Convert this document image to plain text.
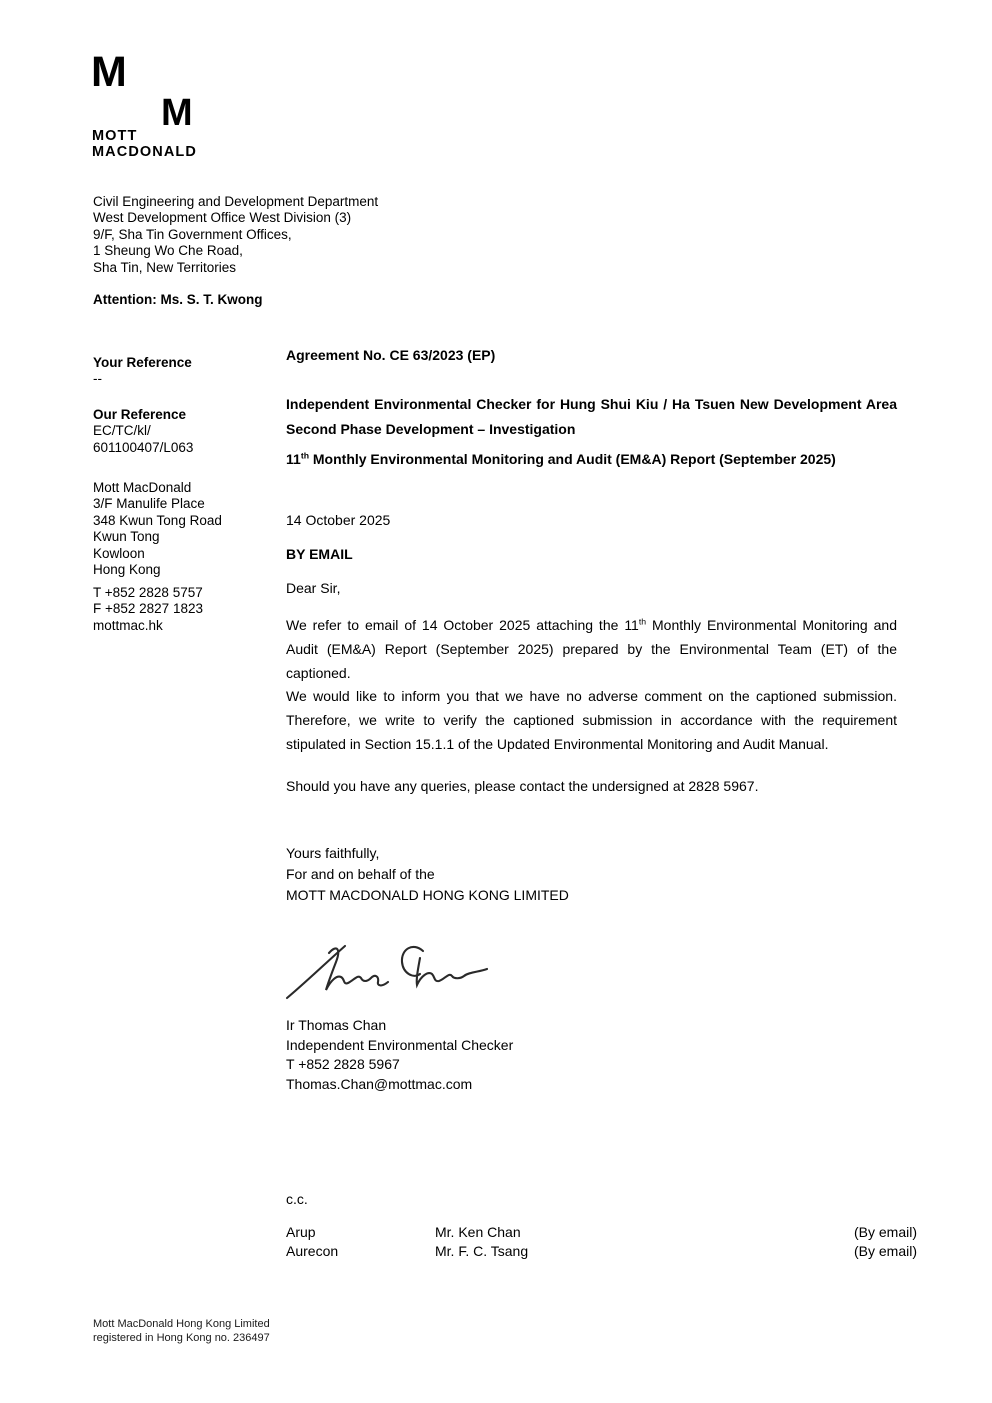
M
M
MOTT
MACDONALD
Civil Engineering and Development Department
West Development Office West Division (3)
9/F, Sha Tin Government Offices,
1 Sheung Wo Che Road,
Sha Tin, New Territories
Attention: Ms. S. T. Kwong
Your Reference
--
Our Reference
EC/TC/kl/
601100407/L063
Mott MacDonald
3/F Manulife Place
348 Kwun Tong Road
Kwun Tong
Kowloon
Hong Kong
T +852 2828 5757
F +852 2827 1823
mottmac.hk
Agreement No. CE 63/2023 (EP)
Independent Environmental Checker for Hung Shui Kiu / Ha Tsuen New Development Area Second Phase Development – Investigation
11th Monthly Environmental Monitoring and Audit (EM&A) Report (September 2025)
14 October 2025
BY EMAIL
Dear Sir,
We refer to email of 14 October 2025 attaching the 11th Monthly Environmental Monitoring and Audit (EM&A) Report (September 2025) prepared by the Environmental Team (ET) of the captioned.
We would like to inform you that we have no adverse comment on the captioned submission. Therefore, we write to verify the captioned submission in accordance with the requirement stipulated in Section 15.1.1 of the Updated Environmental Monitoring and Audit Manual.
Should you have any queries, please contact the undersigned at 2828 5967.
Yours faithfully,
For and on behalf of the
MOTT MACDONALD HONG KONG LIMITED
Ir Thomas Chan
Independent Environmental Checker
T +852 2828 5967
Thomas.Chan@mottmac.com
c.c.
Arup	Mr. Ken Chan	(By email)
Aurecon	Mr. F. C. Tsang	(By email)
Mott MacDonald Hong Kong Limited
registered in Hong Kong no. 236497
